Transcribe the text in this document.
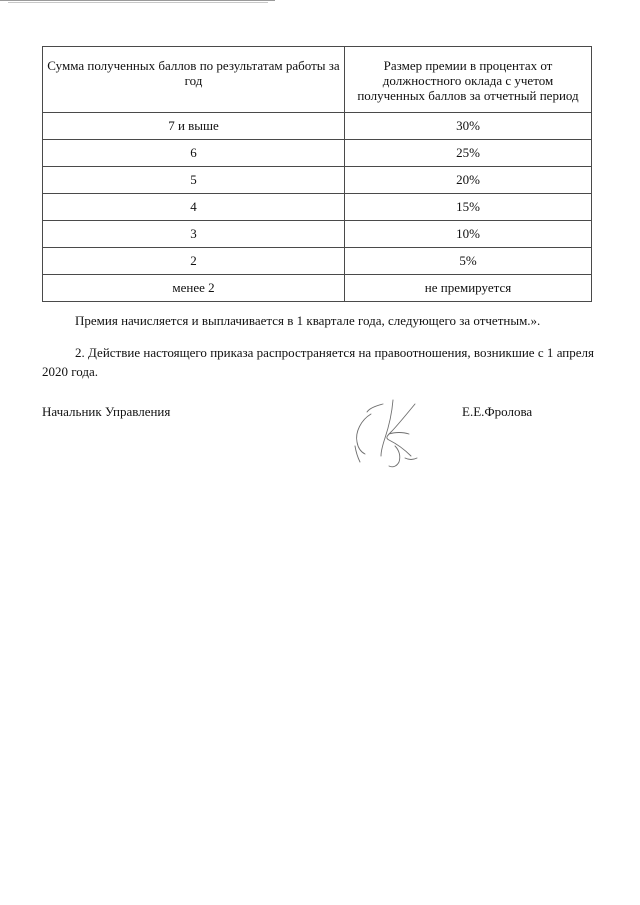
Сумма полученных баллов по результатам работы за год	Размер премии в процентах от должностного оклада с учетом полученных баллов за отчетный период
7 и выше	30%
6	25%
5	20%
4	15%
3	10%
2	5%
менее 2	не премируется
Премия начисляется и выплачивается в 1 квартале года, следующего за отчетным.».
2. Действие настоящего приказа распространяется на правоотношения, возникшие с 1 апреля 2020 года.
Начальник Управления	Е.Е.Фролова
